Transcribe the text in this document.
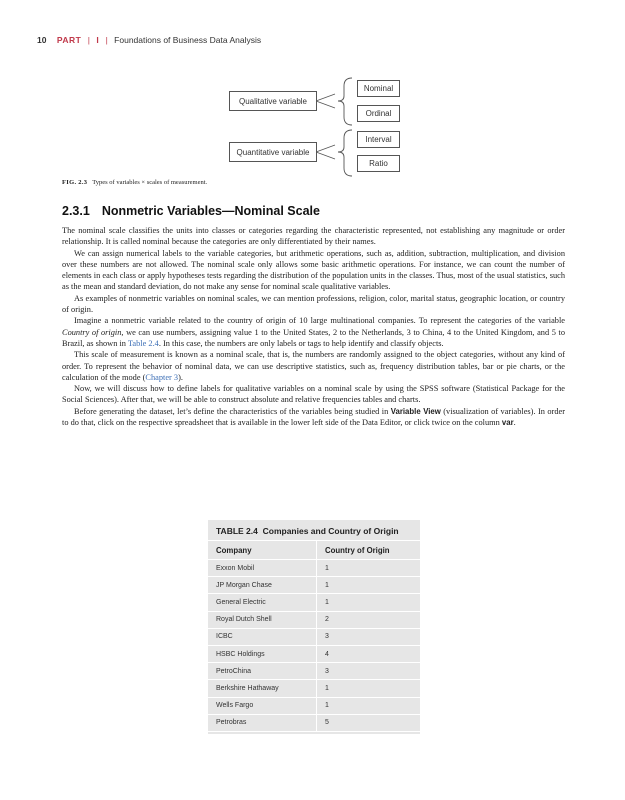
10 PART | I | Foundations of Business Data Analysis
Qualitative variable
Quantitative variable
Nominal
Ordinal
Interval
Ratio
FIG. 2.3 Types of variables × scales of measurement.
2.3.1 Nonmetric Variables—Nominal Scale

The nominal scale classifies the units into classes or categories regarding the characteristic represented, not establishing any magnitude or order relationship. It is called nominal because the categories are only differentiated by their names.

We can assign numerical labels to the variable categories, but arithmetic operations, such as, addition, subtraction, multiplication, and division over these numbers are not allowed. The nominal scale only allows some basic arithmetic operations. For instance, we can count the number of elements in each class or apply hypotheses tests regarding the distribution of the population units in the classes. Thus, most of the usual statistics, such as the mean and standard deviation, do not make any sense for nominal scale qualitative variables.

As examples of nonmetric variables on nominal scales, we can mention professions, religion, color, marital status, geographic location, or country of origin.

Imagine a nonmetric variable related to the country of origin of 10 large multinational companies. To represent the categories of the variable Country of origin, we can use numbers, assigning value 1 to the United States, 2 to the Netherlands, 3 to China, 4 to the United Kingdom, and 5 to Brazil, as shown in Table 2.4. In this case, the numbers are only labels or tags to help identify and classify objects.

This scale of measurement is known as a nominal scale, that is, the numbers are randomly assigned to the object categories, without any kind of order. To represent the behavior of nominal data, we can use descriptive statistics, such as, frequency distribution tables, bar or pie charts, or the calculation of the mode (Chapter 3).

Now, we will discuss how to define labels for qualitative variables on a nominal scale by using the SPSS software (Statistical Package for the Social Sciences). After that, we will be able to construct absolute and relative frequencies tables and charts.

Before generating the dataset, let’s define the characteristics of the variables being studied in Variable View (visualization of variables). In order to do that, click on the respective spreadsheet that is available in the lower left side of the Data Editor, or click twice on the column var.

TABLE 2.4 Companies and Country of Origin
Company	Country of Origin
Exxon Mobil	1
JP Morgan Chase	1
General Electric	1
Royal Dutch Shell	2
ICBC	3
HSBC Holdings	4
PetroChina	3
Berkshire Hathaway	1
Wells Fargo	1
Petrobras	5
